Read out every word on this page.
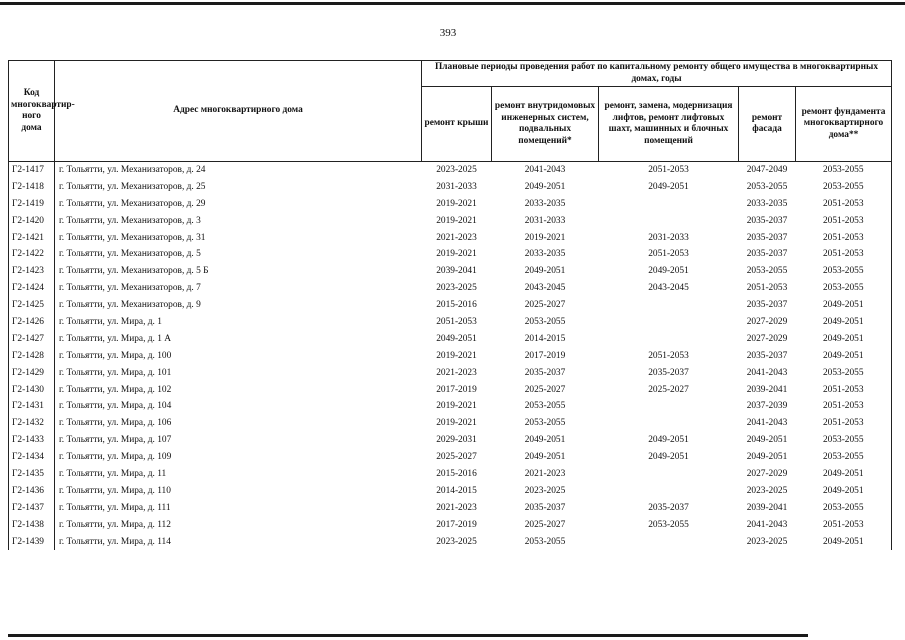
393
Код многоквартир-ного дома	Адрес многоквартирного дома	Плановые периоды проведения работ по капитальному ремонту общего имущества в многоквартирных домах, годы				
		ремонт крыши	ремонт внутридомовых инженерных систем, подвальных помещений*	ремонт, замена, модернизация лифтов, ремонт лифтовых шахт, машинных и блочных помещений	ремонт фасада	ремонт фундамента многоквартирного дома**
Г2-1417	г. Тольятти, ул. Механизаторов, д. 24	2023-2025	2041-2043	2051-2053	2047-2049	2053-2055
Г2-1418	г. Тольятти, ул. Механизаторов, д. 25	2031-2033	2049-2051	2049-2051	2053-2055	2053-2055
Г2-1419	г. Тольятти, ул. Механизаторов, д. 29	2019-2021	2033-2035		2033-2035	2051-2053
Г2-1420	г. Тольятти, ул. Механизаторов, д. 3	2019-2021	2031-2033		2035-2037	2051-2053
Г2-1421	г. Тольятти, ул. Механизаторов, д. 31	2021-2023	2019-2021	2031-2033	2035-2037	2051-2053
Г2-1422	г. Тольятти, ул. Механизаторов, д. 5	2019-2021	2033-2035	2051-2053	2035-2037	2051-2053
Г2-1423	г. Тольятти, ул. Механизаторов, д. 5 Б	2039-2041	2049-2051	2049-2051	2053-2055	2053-2055
Г2-1424	г. Тольятти, ул. Механизаторов, д. 7	2023-2025	2043-2045	2043-2045	2051-2053	2053-2055
Г2-1425	г. Тольятти, ул. Механизаторов, д. 9	2015-2016	2025-2027		2035-2037	2049-2051
Г2-1426	г. Тольятти, ул. Мира, д. 1	2051-2053	2053-2055		2027-2029	2049-2051
Г2-1427	г. Тольятти, ул. Мира, д. 1 А	2049-2051	2014-2015		2027-2029	2049-2051
Г2-1428	г. Тольятти, ул. Мира, д. 100	2019-2021	2017-2019	2051-2053	2035-2037	2049-2051
Г2-1429	г. Тольятти, ул. Мира, д. 101	2021-2023	2035-2037	2035-2037	2041-2043	2053-2055
Г2-1430	г. Тольятти, ул. Мира, д. 102	2017-2019	2025-2027	2025-2027	2039-2041	2051-2053
Г2-1431	г. Тольятти, ул. Мира, д. 104	2019-2021	2053-2055		2037-2039	2051-2053
Г2-1432	г. Тольятти, ул. Мира, д. 106	2019-2021	2053-2055		2041-2043	2051-2053
Г2-1433	г. Тольятти, ул. Мира, д. 107	2029-2031	2049-2051	2049-2051	2049-2051	2053-2055
Г2-1434	г. Тольятти, ул. Мира, д. 109	2025-2027	2049-2051	2049-2051	2049-2051	2053-2055
Г2-1435	г. Тольятти, ул. Мира, д. 11	2015-2016	2021-2023		2027-2029	2049-2051
Г2-1436	г. Тольятти, ул. Мира, д. 110	2014-2015	2023-2025		2023-2025	2049-2051
Г2-1437	г. Тольятти, ул. Мира, д. 111	2021-2023	2035-2037	2035-2037	2039-2041	2053-2055
Г2-1438	г. Тольятти, ул. Мира, д. 112	2017-2019	2025-2027	2053-2055	2041-2043	2051-2053
Г2-1439	г. Тольятти, ул. Мира, д. 114	2023-2025	2053-2055		2023-2025	2049-2051
